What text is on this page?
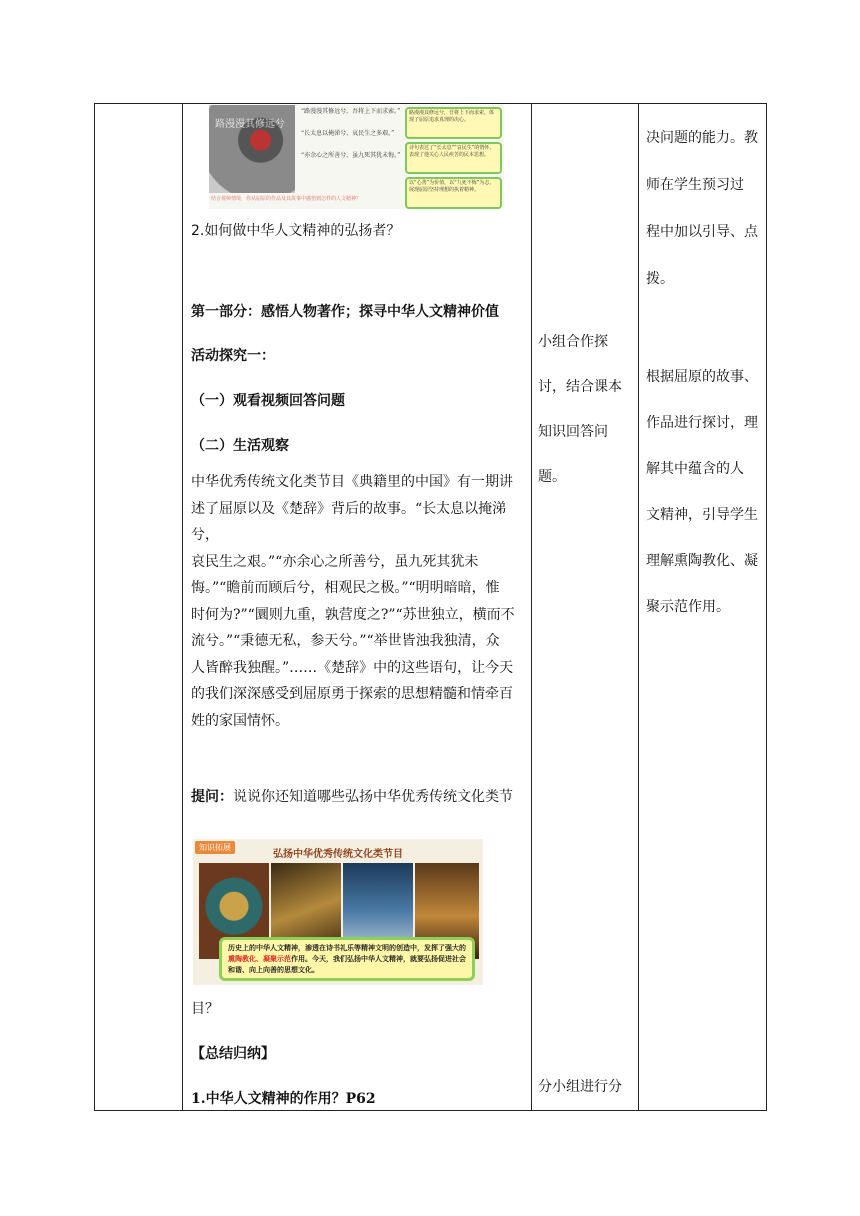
路漫漫其修远兮
“路漫漫其修远兮，吾将上下而求索。”
“长太息以掩涕兮，哀民生之多艰。”
“亦余心之所善兮，虽九死其犹未悔。”
路漫漫其修远兮，吾将上下而求索，体现了屈原追求真理的决心。
诗句表达了“长太息”“哀民生”的情怀，表现了他关心人民疾苦的民本思想。
以“心善”为价值，以“九死不悔”为志，展现屈原坚持理想的执着精神。
结合视频情境，你从屈原的作品及其故事中感悟到怎样的人文精神？

2.如何做中华人文精神的弘扬者？

第一部分：感悟人物著作；探寻中华人文精神价值

活动探究一：

（一）观看视频回答问题

（二）生活观察

中华优秀传统文化类节目《典籍里的中国》有一期讲
述了屈原以及《楚辞》背后的故事。“长太息以掩涕兮，
哀民生之艰。”“亦余心之所善兮，虽九死其犹未
悔。”“瞻前而顾后兮，相观民之极。”“明明暗暗，惟
时何为?”“圜则九重，孰营度之?”“苏世独立，横而不
流兮。”“秉德无私，参天兮。”“举世皆浊我独清，众
人皆醉我独醒。”……《楚辞》中的这些语句，让今天
的我们深深感受到屈原勇于探索的思想精髓和情牵百
姓的家国情怀。

提问：说说你还知道哪些弘扬中华优秀传统文化类节

知识拓展
弘扬中华优秀传统文化类节目
历史上的中华人文精神，渗透在诗书礼乐等精神文明的创造中，发挥了强大的熏陶教化、凝聚示范作用。今天，我们弘扬中华人文精神，就要弘扬促进社会和谐、向上向善的思想文化。

目？

【总结归纳】

1.中华人文精神的作用？P62

小组合作探
讨，结合课本
知识回答问
题。

分小组进行分

决问题的能力。教
师在学生预习过
程中加以引导、点
拨。
根据屈原的故事、
作品进行探讨，理
解其中蕴含的人
文精神，引导学生
理解熏陶教化、凝
聚示范作用。
